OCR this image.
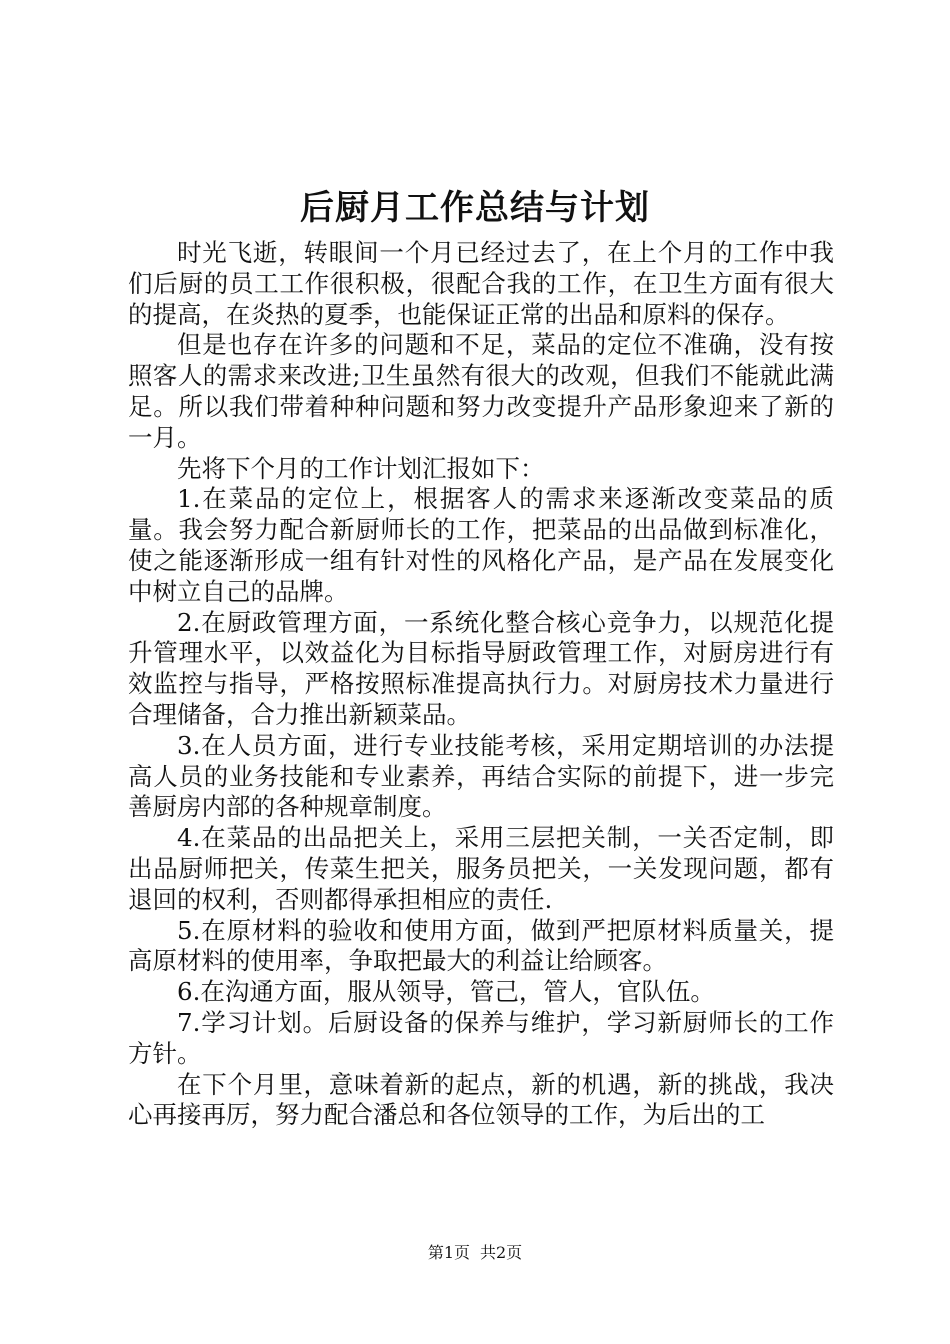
后厨月工作总结与计划

时光飞逝，转眼间一个月已经过去了，在上个月的工作中我们后厨的员工工作很积极，很配合我的工作，在卫生方面有很大的提高，在炎热的夏季，也能保证正常的出品和原料的保存。

但是也存在许多的问题和不足，菜品的定位不准确，没有按照客人的需求来改进;卫生虽然有很大的改观，但我们不能就此满足。所以我们带着种种问题和努力改变提升产品形象迎来了新的一月。

先将下个月的工作计划汇报如下：

1.在菜品的定位上，根据客人的需求来逐渐改变菜品的质量。我会努力配合新厨师长的工作，把菜品的出品做到标准化，使之能逐渐形成一组有针对性的风格化产品，是产品在发展变化中树立自己的品牌。

2.在厨政管理方面，一系统化整合核心竞争力，以规范化提升管理水平，以效益化为目标指导厨政管理工作，对厨房进行有效监控与指导，严格按照标准提高执行力。对厨房技术力量进行合理储备，合力推出新颖菜品。

3.在人员方面，进行专业技能考核，采用定期培训的办法提高人员的业务技能和专业素养，再结合实际的前提下，进一步完善厨房内部的各种规章制度。

4.在菜品的出品把关上，采用三层把关制，一关否定制，即出品厨师把关，传菜生把关，服务员把关，一关发现问题，都有退回的权利，否则都得承担相应的责任.

5.在原材料的验收和使用方面，做到严把原材料质量关，提高原材料的使用率，争取把最大的利益让给顾客。

6.在沟通方面，服从领导，管己，管人，官队伍。

7.学习计划。后厨设备的保养与维护，学习新厨师长的工作方针。

在下个月里，意味着新的起点，新的机遇，新的挑战，我决心再接再厉，努力配合潘总和各位领导的工作，为后出的工

第1页 共2页
